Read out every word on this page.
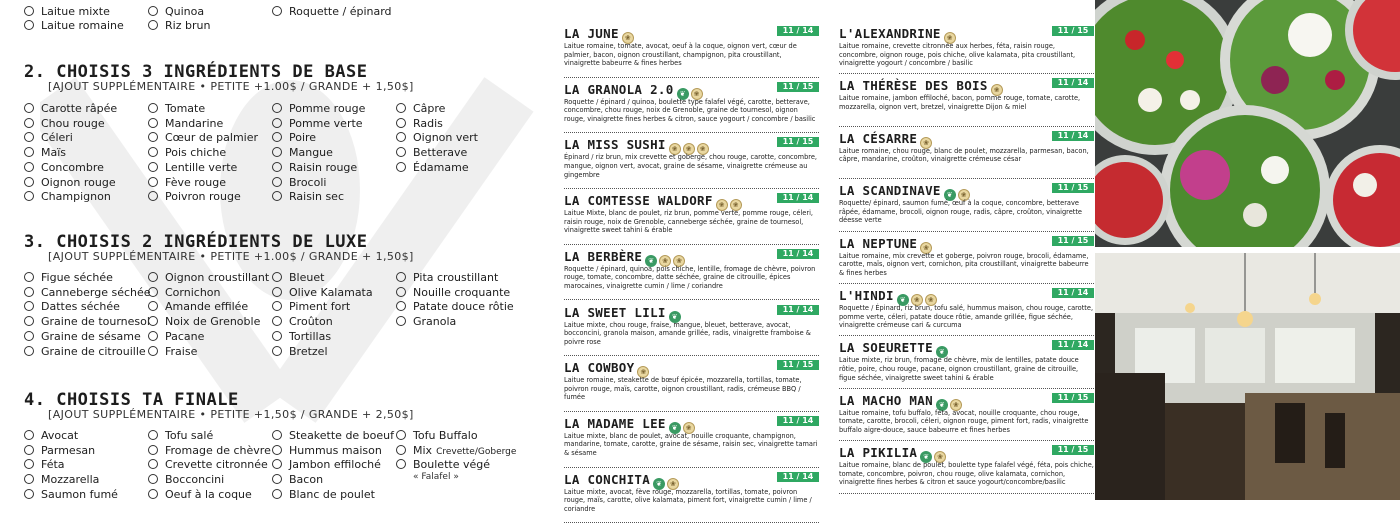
Laitue mixte
Laitue romaine
Quinoa
Riz brun
Roquette / épinard
2. CHOISIS 3 INGRÉDIENTS DE BASE
[AJOUT SUPPLÉMENTAIRE • PETITE +1.00$ / GRANDE + 1,50$]
Carotte râpée
Chou rouge
Céleri
Maïs
Concombre
Oignon rouge
Champignon
Tomate
Mandarine
Cœur de palmier
Pois chiche
Lentille verte
Fève rouge
Poivron rouge
Pomme rouge
Pomme verte
Poire
Mangue
Raisin rouge
Brocoli
Raisin sec
Câpre
Radis
Oignon vert
Betterave
Édamame
3. CHOISIS 2 INGRÉDIENTS DE LUXE
[AJOUT SUPPLÉMENTAIRE • PETITE +1.00$ / GRANDE + 1,50$]
Figue séchée
Canneberge séchée
Dattes séchée
Graine de tournesol
Graine de sésame
Graine de citrouille
Oignon croustillant
Cornichon
Amande effilée
Noix de Grenoble
Pacane
Fraise
Bleuet
Olive Kalamata
Piment fort
Croûton
Tortillas
Bretzel
Pita croustillant
Nouille croquante
Patate douce rôtie
Granola
4. CHOISIS TA FINALE
[AJOUT SUPPLÉMENTAIRE • PETITE +1,50$ / GRANDE + 2,50$]
Avocat
Parmesan
Féta
Mozzarella
Saumon fumé
Tofu salé
Fromage de chèvre
Crevette citronnée
Bocconcini
Oeuf à la coque
Steakette de boeuf
Hummus maison
Jambon effiloché
Bacon
Blanc de poulet
Tofu Buffalo
Mix Crevette/Goberge
Boulette végé
« Falafel »
LA JUNE ❀
11 / 14
Laitue romaine, tomate, avocat, oeuf à la coque, oignon vert, cœur de palmier, bacon, oignon croustillant, champignon, pita croustillant, vinaigrette babeurre & fines herbes
LA GRANOLA 2.0 ❦ ❀
11 / 15
Roquette / épinard / quinoa, boulette type falafel végé, carotte, betterave, concombre, chou rouge, noix de Grenoble, graine de tournesol, oignon rouge, vinaigrette fines herbes & citron, sauce yogourt / concombre / basilic
LA MISS SUSHI ❀ ❀ ❀
11 / 15
Épinard / riz brun, mix crevette et goberge, chou rouge, carotte, concombre, mangue, oignon vert, avocat, graine de sésame, vinaigrette crémeuse au gingembre
LA COMTESSE WALDORF ❀ ❀
11 / 14
Laitue Mixte, blanc de poulet, riz brun, pomme verte, pomme rouge, céleri, raisin rouge, noix de Grenoble, canneberge séchée, graine de tournesol, vinaigrette sweet tahini & érable
LA BERBÈRE ❦ ❀ ❀
11 / 14
Roquette / épinard, quinoa, pois chiche, lentille, fromage de chèvre, poivron rouge, tomate, concombre, datte séchée, graine de citrouille, épices marocaines, vinaigrette cumin / lime / coriandre
LA SWEET LILI ❦
11 / 14
Laitue mixte, chou rouge, fraise, mangue, bleuet, betterave, avocat, bocconcini, granola maison, amande grillée, radis, vinaigrette framboise & poivre rose
LA COWBOY ❀
11 / 15
Laitue romaine, steakette de bœuf épicée, mozzarella, tortillas, tomate, poivron rouge, maïs, carotte, oignon croustillant, radis, crémeuse BBQ / fumée
LA MADAME LEE ❦ ❀
11 / 14
Laitue mixte, blanc de poulet, avocat, nouille croquante, champignon, mandarine, tomate, carotte, graine de sésame, raisin sec, vinaigrette tamari & sésame
LA CONCHITA ❦ ❀
11 / 14
Laitue mixte, avocat, fève rouge, mozzarella, tortillas, tomate, poivron rouge, maïs, carotte, olive kalamata, piment fort, vinaigrette cumin / lime / coriandre
L'ALEXANDRINE ❀
11 / 15
Laitue romaine, crevette citronnée aux herbes, féta, raisin rouge, concombre, oignon rouge, pois chiche, olive kalamata, pita croustillant, vinaigrette yogourt / concombre / basilic
LA THÉRÈSE DES BOIS ❀
11 / 14
Laitue romaine, jambon effiloché, bacon, pomme rouge, tomate, carotte, mozzarella, oignon vert, bretzel, vinaigrette Dijon & miel
LA CÉSARRE ❀
11 / 14
Laitue romaine, chou rouge, blanc de poulet, mozzarella, parmesan, bacon, câpre, mandarine, croûton, vinaigrette crémeuse césar
LA SCANDINAVE ❦ ❀
11 / 15
Roquette/ épinard, saumon fumé, œuf à la coque, concombre, betterave râpée, édamame, brocoli, oignon rouge, radis, câpre, croûton, vinaigrette déesse verte
LA NEPTUNE ❀
11 / 15
Laitue romaine, mix crevette et goberge, poivron rouge, brocoli, édamame, carotte, maïs, oignon vert, cornichon, pita croustillant, vinaigrette babeurre & fines herbes
L'HINDI ❦ ❀ ❀
11 / 14
Roquette / Épinard, riz brun, tofu salé, hummus maison, chou rouge, carotte, pomme verte, céleri, patate douce rôtie, amande grillée, figue séchée, vinaigrette crémeuse cari & curcuma
LA SOEURETTE ❦
11 / 14
Laitue mixte, riz brun, fromage de chèvre, mix de lentilles, patate douce rôtie, poire, chou rouge, pacane, oignon croustillant, graine de citrouille, figue séchée, vinaigrette sweet tahini & érable
LA MACHO MAN ❦ ❀
11 / 15
Laitue romaine, tofu buffalo, féta, avocat, nouille croquante, chou rouge, tomate, carotte, brocoli, céleri, oignon rouge, piment fort, radis, vinaigrette buffalo aigre-douce, sauce babeurre et fines herbes
LA PIKILIA ❦ ❀
11 / 15
Laitue romaine, blanc de poulet, boulette type falafel végé, féta, pois chiche, tomate, concombre, poivron, chou rouge, olive kalamata, cornichon, vinaigrette fines herbes & citron et sauce yogourt/concombre/basilic
